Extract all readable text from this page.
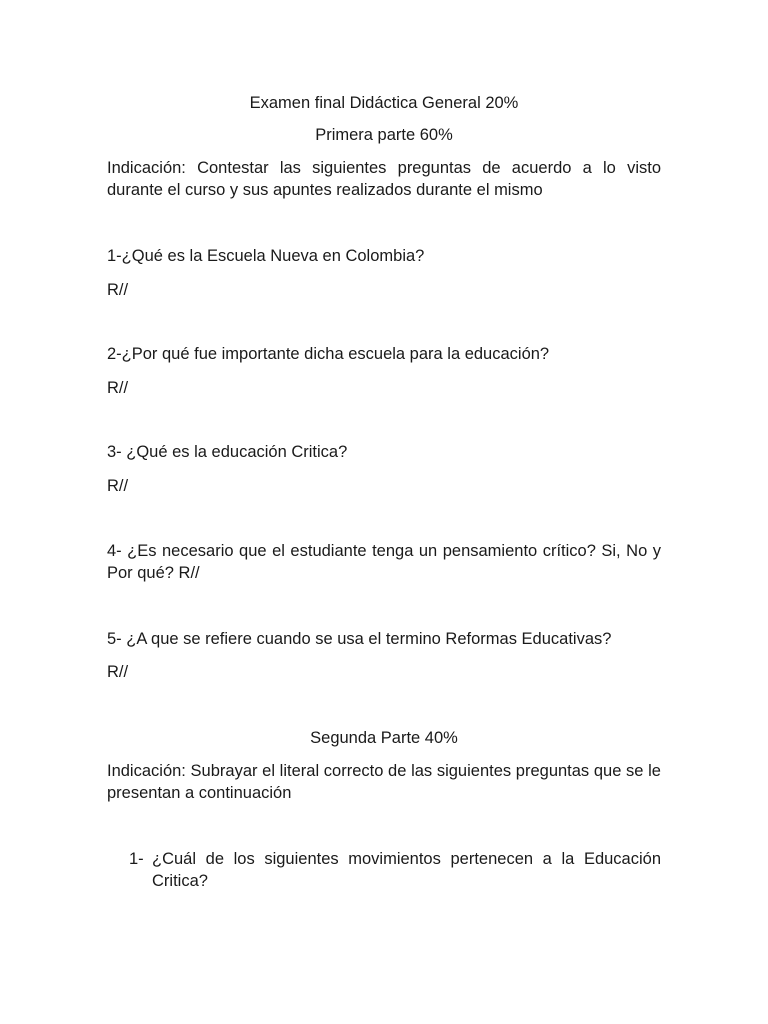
Examen final Didáctica General 20%

Primera parte 60%

Indicación: Contestar las siguientes preguntas de acuerdo a lo visto durante el curso y sus apuntes realizados durante el mismo

1-¿Qué es la Escuela Nueva en Colombia?

R//

2-¿Por qué fue importante dicha escuela para la educación?

R//

3- ¿Qué es la educación Critica?

R//

4- ¿Es necesario que el estudiante tenga un pensamiento crítico? Si, No y Por qué? R//

5- ¿A que se refiere cuando se usa el termino Reformas Educativas?

R//

Segunda Parte 40%

Indicación: Subrayar el literal correcto de las siguientes preguntas que se le presentan a continuación

1- ¿Cuál de los siguientes movimientos pertenecen a la Educación Critica?
